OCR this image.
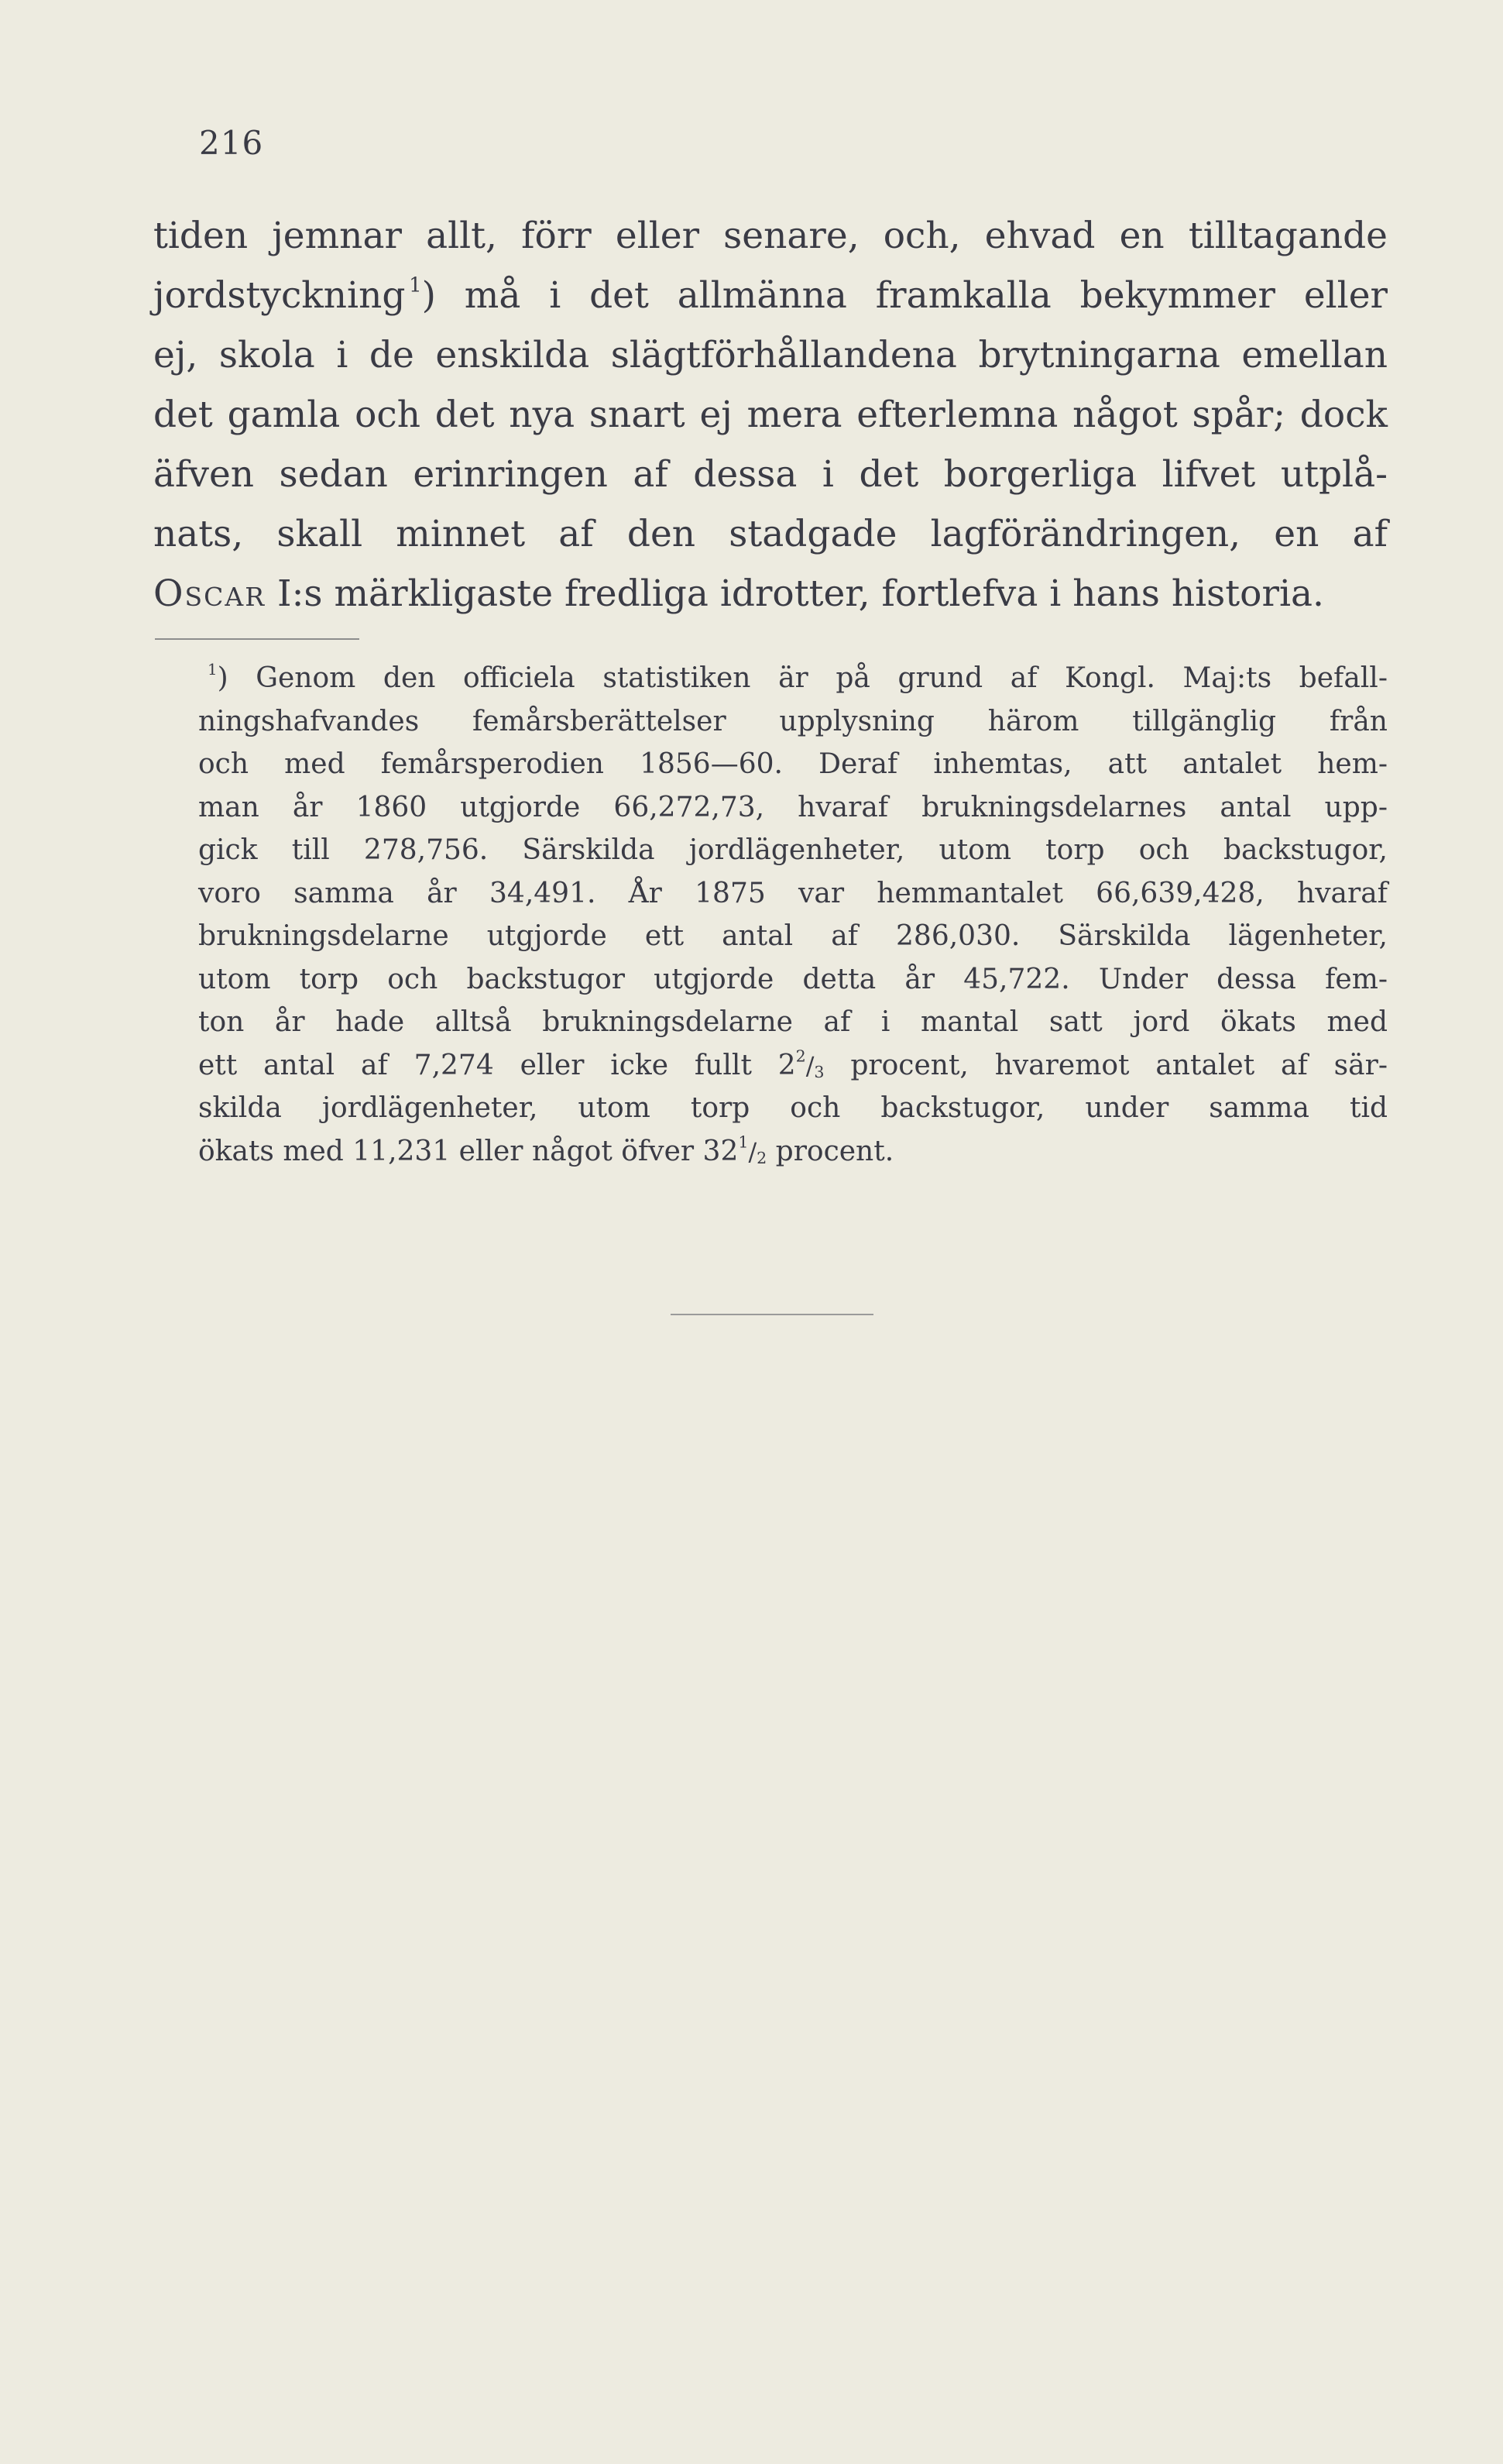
216
tiden jemnar allt, förr eller senare, och, ehvad en tilltagande
jordstyckning  $^1$) må i det allmänna framkalla bekymmer eller
ej, skola i de enskilda slägtförhållandena brytningarna emellan
det gamla och det nya snart ej mera efterlemna något spår; dock
äfven sedan erinringen af dessa i det borgerliga lifvet utplå-
nats, skall minnet af den stadgade lagförändringen, en af
Oscar I:s märkligaste fredliga idrotter, fortlefva i hans historia.
$^1$) Genom den officiela statistiken är på grund af Kongl. Maj:ts befall-
ningshafvandes femårsberättelser upplysning härom tillgänglig från
och med femårsperodien 1856—60. Deraf inhemtas, att antalet hem-
man år 1860 utgjorde 66,272,73, hvaraf brukningsdelarnes antal upp-
gick till 278,756. Särskilda jordlägenheter, utom torp och backstugor,
voro samma år 34,491. År 1875 var hemmantalet 66,639,428, hvaraf
brukningsdelarne utgjorde ett antal af 286,030. Särskilda lägenheter,
utom torp och backstugor utgjorde detta år 45,722. Under dessa fem-
ton år hade alltså brukningsdelarne af i mantal satt jord ökats med
ett antal af 7,274 eller icke fullt $2^2/_3$ procent, hvaremot antalet af sär-
skilda jordlägenheter, utom torp och backstugor, under samma tid
ökats med 11,231 eller något öfver $32^1/_2$ procent.
